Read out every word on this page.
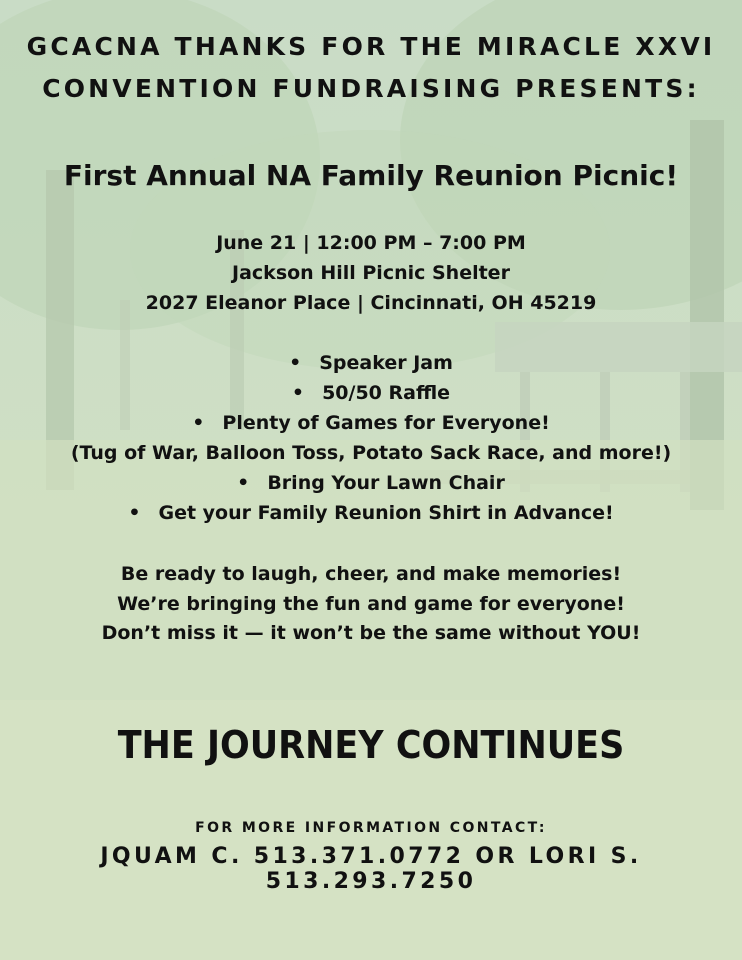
GCACNA THANKS FOR THE MIRACLE XXVI
CONVENTION FUNDRAISING PRESENTS:
First Annual NA Family Reunion Picnic!

June 21 | 12:00 PM – 7:00 PM

Jackson Hill Picnic Shelter

2027 Eleanor Place | Cincinnati, OH 45219

• Speaker Jam

• 50/50 Raffle

• Plenty of Games for Everyone!

(Tug of War, Balloon Toss, Potato Sack Race, and more!)

• Bring Your Lawn Chair

• Get your Family Reunion Shirt in Advance!

Be ready to laugh, cheer, and make memories!

We’re bringing the fun and game for everyone!

Don’t miss it — it won’t be the same without YOU!

THE JOURNEY CONTINUES

FOR MORE INFORMATION CONTACT:

JQUAM C. 513.371.0772 OR LORI S. 513.293.7250
